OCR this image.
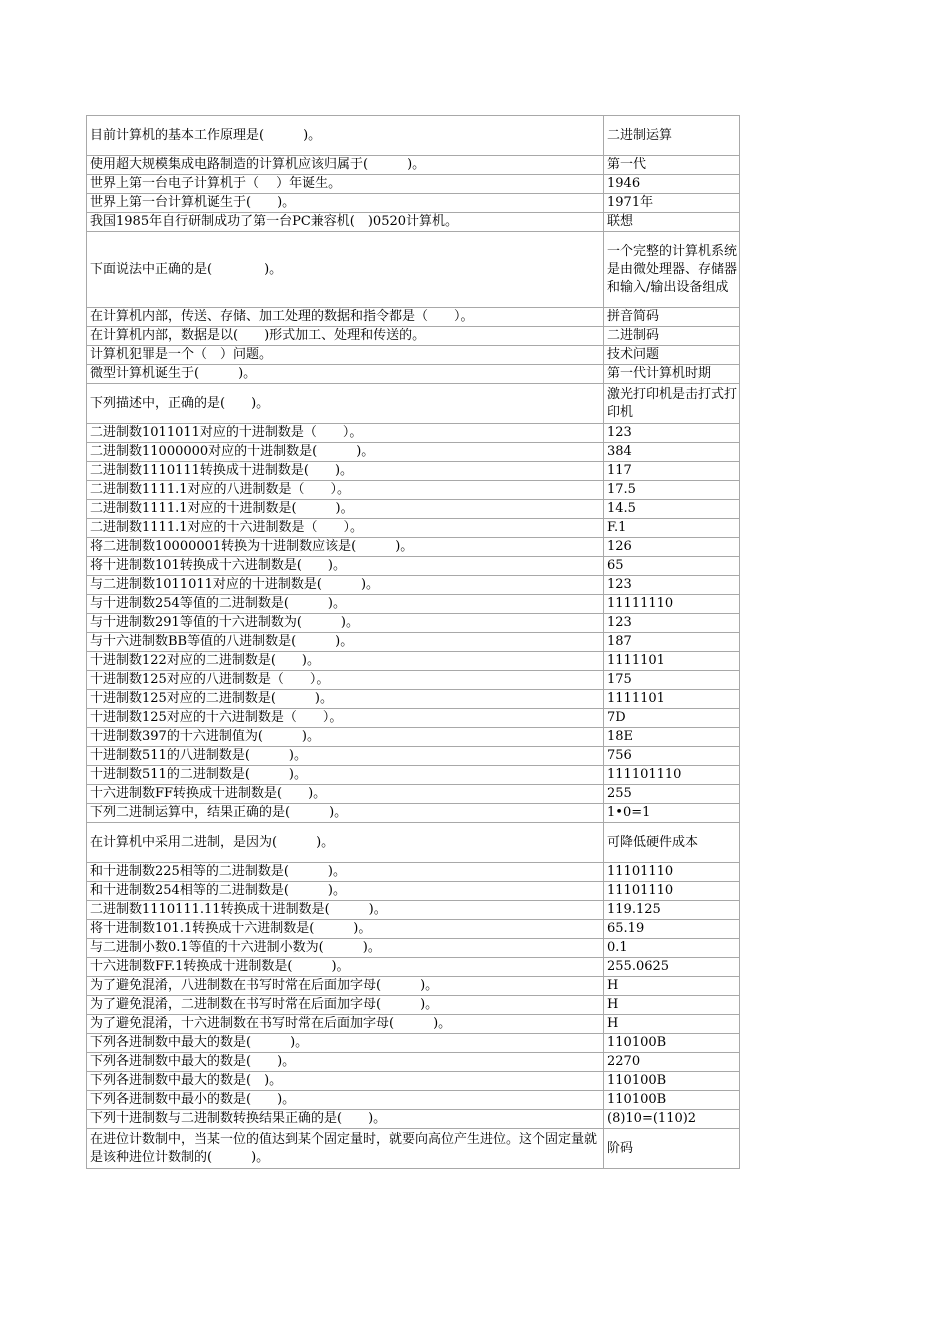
目前计算机的基本工作原理是(　　　)。	二进制运算
使用超大规模集成电路制造的计算机应该归属于(　　　)。	第一代
世界上第一台电子计算机于（　 ）年诞生。	1946
世界上第一台计算机诞生于(　　)。	1971年
我国1985年自行研制成功了第一台PC兼容机(　)0520计算机。	联想
下面说法中正确的是(　　　　)。	一个完整的计算机系统是由微处理器、存储器和输入/输出设备组成
在计算机内部，传送、存储、加工处理的数据和指令都是（　　）。	拼音简码
在计算机内部，数据是以(　　)形式加工、处理和传送的。	二进制码
计算机犯罪是一个（　）问题。	技术问题
微型计算机诞生于(　　　)。	第一代计算机时期
下列描述中，正确的是(　　)。	激光打印机是击打式打印机
二进制数1011011对应的十进制数是（　　）。	123
二进制数11000000对应的十进制数是(　　　)。	384
二进制数1110111转换成十进制数是(　　)。	117
二进制数1111.1对应的八进制数是（　　）。	17.5
二进制数1111.1对应的十进制数是(　　　)。	14.5
二进制数1111.1对应的十六进制数是（　　）。	F.1
将二进制数10000001转换为十进制数应该是(　　　)。	126
将十进制数101转换成十六进制数是(　　)。	65
与二进制数1011011对应的十进制数是(　　　)。	123
与十进制数254等值的二进制数是(　　　)。	11111110
与十进制数291等值的十六进制数为(　　　)。	123
与十六进制数BB等值的八进制数是(　　　)。	187
十进制数122对应的二进制数是(　　)。	1111101
十进制数125对应的八进制数是（　　）。	175
十进制数125对应的二进制数是(　　　)。	1111101
十进制数125对应的十六进制数是（　　）。	7D
十进制数397的十六进制值为(　　　)。	18E
十进制数511的八进制数是(　　　)。	756
十进制数511的二进制数是(　　　)。	111101110
十六进制数FF转换成十进制数是(　　)。	255
下列二进制运算中，结果正确的是(　　　)。	1•0=1
在计算机中采用二进制，是因为(　　　)。	可降低硬件成本
和十进制数225相等的二进制数是(　　　)。	11101110
和十进制数254相等的二进制数是(　　　)。	11101110
二进制数1110111.11转换成十进制数是(　　　)。	119.125
将十进制数101.1转换成十六进制数是(　　　)。	65.19
与二进制小数0.1等值的十六进制小数为(　　　)。	0.1
十六进制数FF.1转换成十进制数是(　　　)。	255.0625
为了避免混淆，八进制数在书写时常在后面加字母(　　　)。	H
为了避免混淆，二进制数在书写时常在后面加字母(　　　)。	H
为了避免混淆，十六进制数在书写时常在后面加字母(　　　)。	H
下列各进制数中最大的数是(　　　)。	110100B
下列各进制数中最大的数是(　　)。	2270
下列各进制数中最大的数是(　)。	110100B
下列各进制数中最小的数是(　　)。	110100B
下列十进制数与二进制数转换结果正确的是(　　)。	(8)10=(110)2
在进位计数制中，当某一位的值达到某个固定量时，就要向高位产生进位。这个固定量就是该种进位计数制的(　　　)。	阶码
